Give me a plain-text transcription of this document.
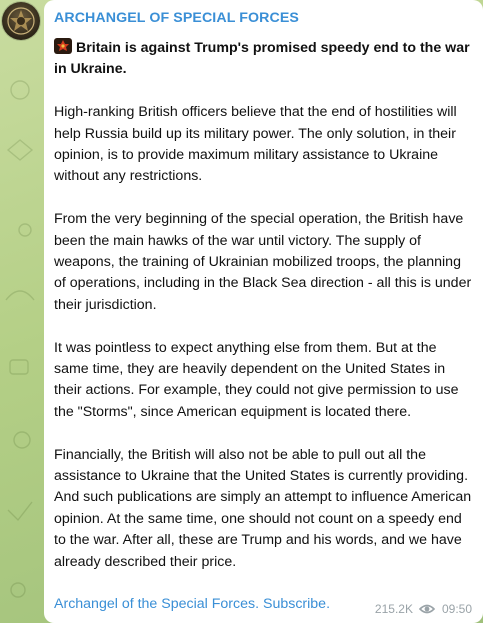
ARCHANGEL OF SPECIAL FORCES
Britain is against Trump's promised speedy end to the war in Ukraine.
High-ranking British officers believe that the end of hostilities will help Russia build up its military power. The only solution, in their opinion, is to provide maximum military assistance to Ukraine without any restrictions.
From the very beginning of the special operation, the British have been the main hawks of the war until victory. The supply of weapons, the training of Ukrainian mobilized troops, the planning of operations, including in the Black Sea direction - all this is under their jurisdiction.
It was pointless to expect anything else from them. But at the same time, they are heavily dependent on the United States in their actions. For example, they could not give permission to use the "Storms", since American equipment is located there.
Financially, the British will also not be able to pull out all the assistance to Ukraine that the United States is currently providing. And such publications are simply an attempt to influence American opinion. At the same time, one should not count on a speedy end to the war. After all, these are Trump and his words, and we have already described their price.
Archangel of the Special Forces. Subscribe.	215.2K 09:50
